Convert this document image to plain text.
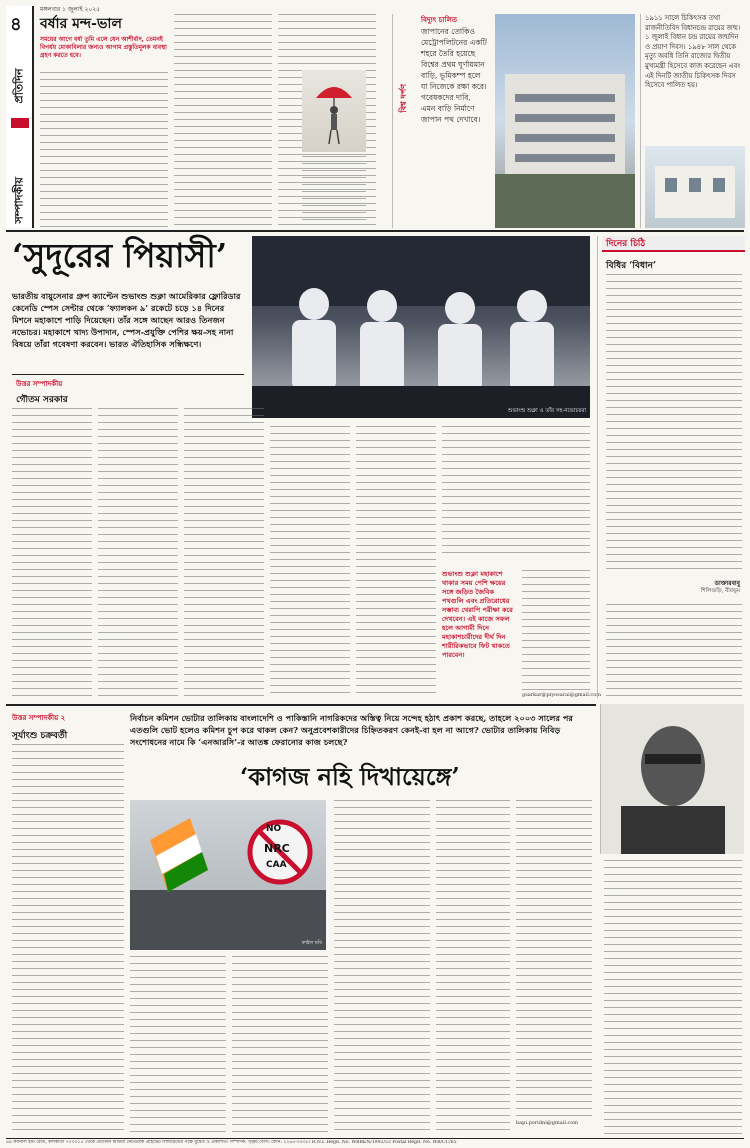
৪
প্রতিদিন
সম্পাদকীয়
মঙ্গলবার ১ জুলাই ২০২৫
বর্ষার মন্দ-ভাল
সময়ের আগে বর্ষা তুমি এলে যেন আশীর্বাদ, তেমনই বিপর্যয় মোকাবিলার জন্যও আগাম প্রস্তুতিমূলক ব্যবস্থা গ্রহণ করতে হবে।
বিশ্ব দর্পণ
বিদ্যুৎ চালিত
জাপানের তোকিও মেট্রোপলিটনের একটি শহরে তৈরি হয়েছে বিশ্বের প্রথম ঘূর্ণায়মান বাড়ি, ভূমিকম্প হলে যা নিজেকে রক্ষা করে। গবেষকদের দাবি, এমন বাড়ি নির্মাণে জাপান পথ দেখাবে।
১৯১১ সালে চিকিৎসক তথা রাজনীতিবিদ বিধানচন্দ্র রায়ের জন্ম। ১ জুলাই বিধান চন্দ্র রায়ের জন্মদিন ও প্রয়াণ দিবস। ১৯৪৮ সাল থেকে মৃত্যু অবধি তিনি রাজ্যের দ্বিতীয় মুখ্যমন্ত্রী হিসেবে কাজ করেছেন এবং এই দিনটি জাতীয় চিকিৎসক দিবস হিসেবে পালিত হয়।
‘সুদূরের পিয়াসী’
ভারতীয় বায়ুসেনার গ্রুপ ক্যাপ্টেন শুভাংশু শুক্লা আমেরিকার ফ্লোরিডার কেনেডি স্পেস সেন্টার থেকে ‘ফ্যালকন ৯’ রকেটে চড়ে ১৪ দিনের মিশনে মহাকাশে পাড়ি দিয়েছেন। তাঁর সঙ্গে আছেন আরও তিনজন নভোচর। মহাকাশে খাদ্য উপাদান, স্পেস-প্রযুক্তি পেশির ক্ষয়-সহ নানা বিষয়ে তাঁরা গবেষণা করবেন। ভারত ঐতিহাসিক সন্ধিক্ষণে।
শুভাংশু শুক্লা ও তাঁর সহ-নভোচররা
উত্তর সম্পাদকীয়
গৌতম সরকার
শুভাংশু শুক্লা মহাকাশে থাকার সময় পেশি ক্ষয়ের সঙ্গে জড়িত জৈবিক পথগুলি এবং প্রতিরোধের সম্ভাব্য থেরাপি পরীক্ষা করে দেখবেন। এই কাজে সফল হলে আগামী দিনে মহাকাশচারীদের দীর্ঘ দিন শারীরিকভাবে ফিট থাকতে পারবেন।
gsarkar@piyosarai@gmail.com
দিনের চিঠি
বিধির ‘বিধান’
ডাক্তারবাবু
শিলিগুড়ি, বীরভূম
উত্তর সম্পাদকীয় ২
সূর্যাংশু চক্রবর্তী
নির্বাচন কমিশন ভোটার তালিকায় বাংলাদেশি ও পাকিস্তানি নাগরিকদের অস্তিত্ব নিয়ে সন্দেহ হঠাৎ প্রকাশ করছে, তাহলে ২০০৩ সালের পর এতগুলি ভোট হলেও কমিশন চুপ করে থাকল কেন? অনুপ্রবেশকারীদের চিহ্নিতকরণ কেনই-বা হল না আগে? ভোটার তালিকায় নিবিড় সংশোধনের নামে কি ‘এনআরসি’-র আতঙ্ক ফেরানোর কাজ চলছে?
‘কাগজ নহি দিখায়েঙ্গে’
NO
NRC
CAA
ফাইল ছবি
bapi.poridni@gmail.com
৬৯ ক্যানাল ইস্ট রোড, কলকাতা ৭০০০১৫ থেকে প্রতিদিন মিডিয়া নেটওয়ার্ক প্রাইভেট লিমিটেডের পক্ষে মুদ্রিত ও প্রকাশিত। সম্পাদক: সৃঞ্জয় বোস। ফোন: ২২৬৫-০৪০৮। R.N.I. Regd. No. WBBEN/1992/53 Postal Regd. No. WB/CC/65
